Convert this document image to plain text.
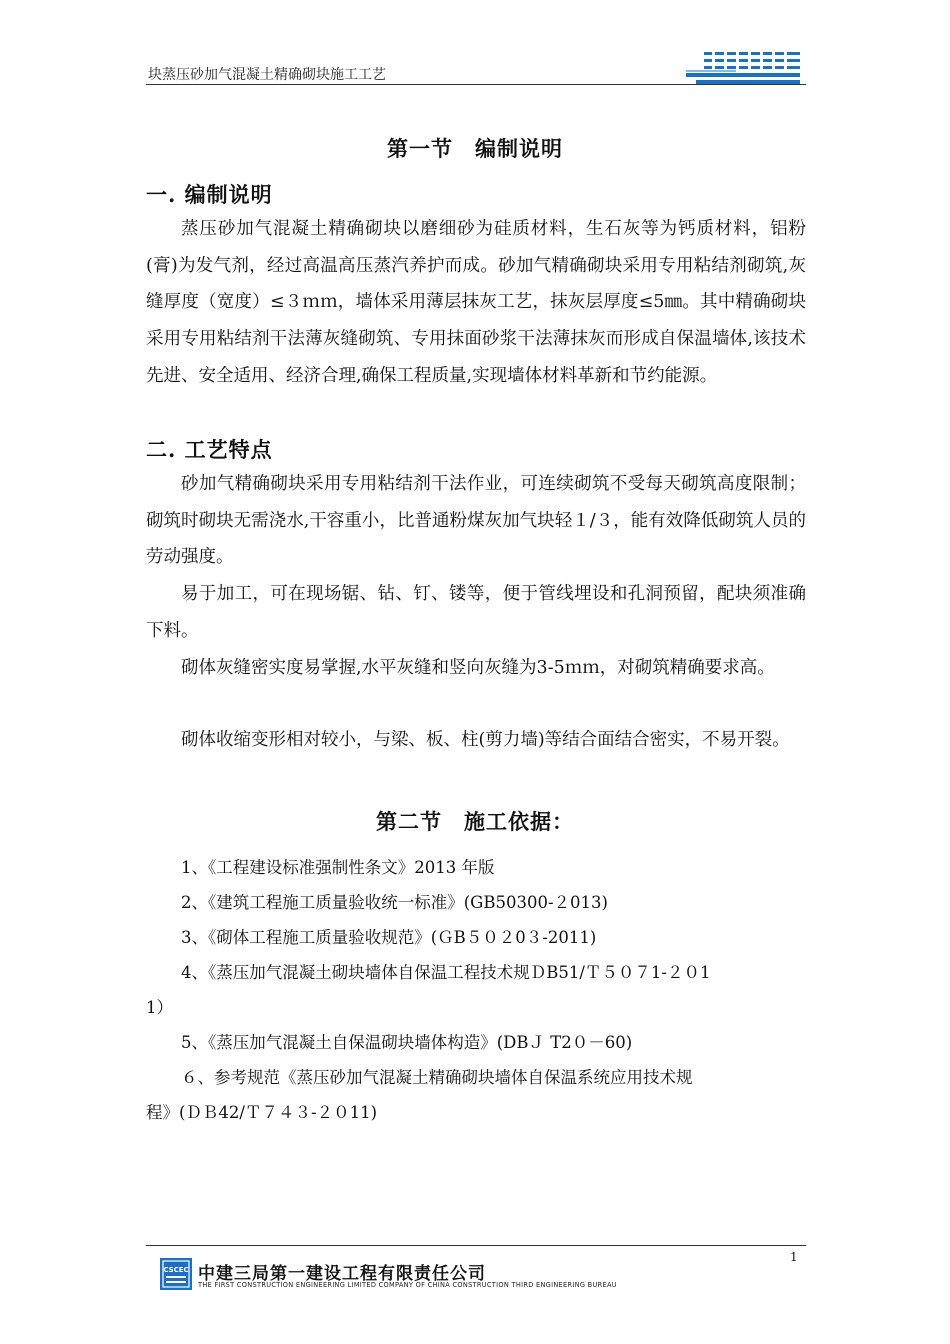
块蒸压砂加气混凝土精确砌块施工工艺
第一节 编制说明
一. 编制说明

蒸压砂加气混凝土精确砌块以磨细砂为硅质材料，生石灰等为钙质材料，铝粉(膏)为发气剂，经过高温高压蒸汽养护而成。砂加气精确砌块采用专用粘结剂砌筑,灰缝厚度（宽度）≤３ｍｍ，墙体采用薄层抹灰工艺，抹灰层厚度≤5㎜。其中精确砌块采用专用粘结剂干法薄灰缝砌筑、专用抹面砂浆干法薄抹灰而形成自保温墙体,该技术先进、安全适用、经济合理,确保工程质量,实现墙体材料革新和节约能源。

二. 工艺特点

砂加气精确砌块采用专用粘结剂干法作业，可连续砌筑不受每天砌筑高度限制；砌筑时砌块无需浇水,干容重小，比普通粉煤灰加气块轻１/３，能有效降低砌筑人员的劳动强度。

易于加工，可在现场锯、钻、钉、镂等，便于管线埋设和孔洞预留，配块须准确下料。

砌体灰缝密实度易掌握,水平灰缝和竖向灰缝为3-5ｍｍ，对砌筑精确要求高。

砌体收缩变形相对较小，与梁、板、柱(剪力墙)等结合面结合密实，不易开裂。

第二节 施工依据：

1、《工程建设标准强制性条文》2013 年版

2、《建筑工程施工质量验收统一标准》(GB50300-２013)

3、《砌体工程施工质量验收规范》(ＧB５０２0３-2011)

4、《蒸压加气混凝土砌块墙体自保温工程技术规ＤB51/Ｔ５０７1-２０1

1）

5、《蒸压加气混凝土自保温砌块墙体构造》(DBＪ T2０－60)

６、参考规范《蒸压砂加气混凝土精确砌块墙体自保温系统应用技术规

程》(ＤＢ42/Ｔ７４３-２０11)

1
CSCEC 中建三局第一建设工程有限责任公司
THE FIRST CONSTRUCTION ENGINEERING LIMITED COMPANY OF CHINA CONSTRUCTION THIRD ENGINEERING BUREAU
